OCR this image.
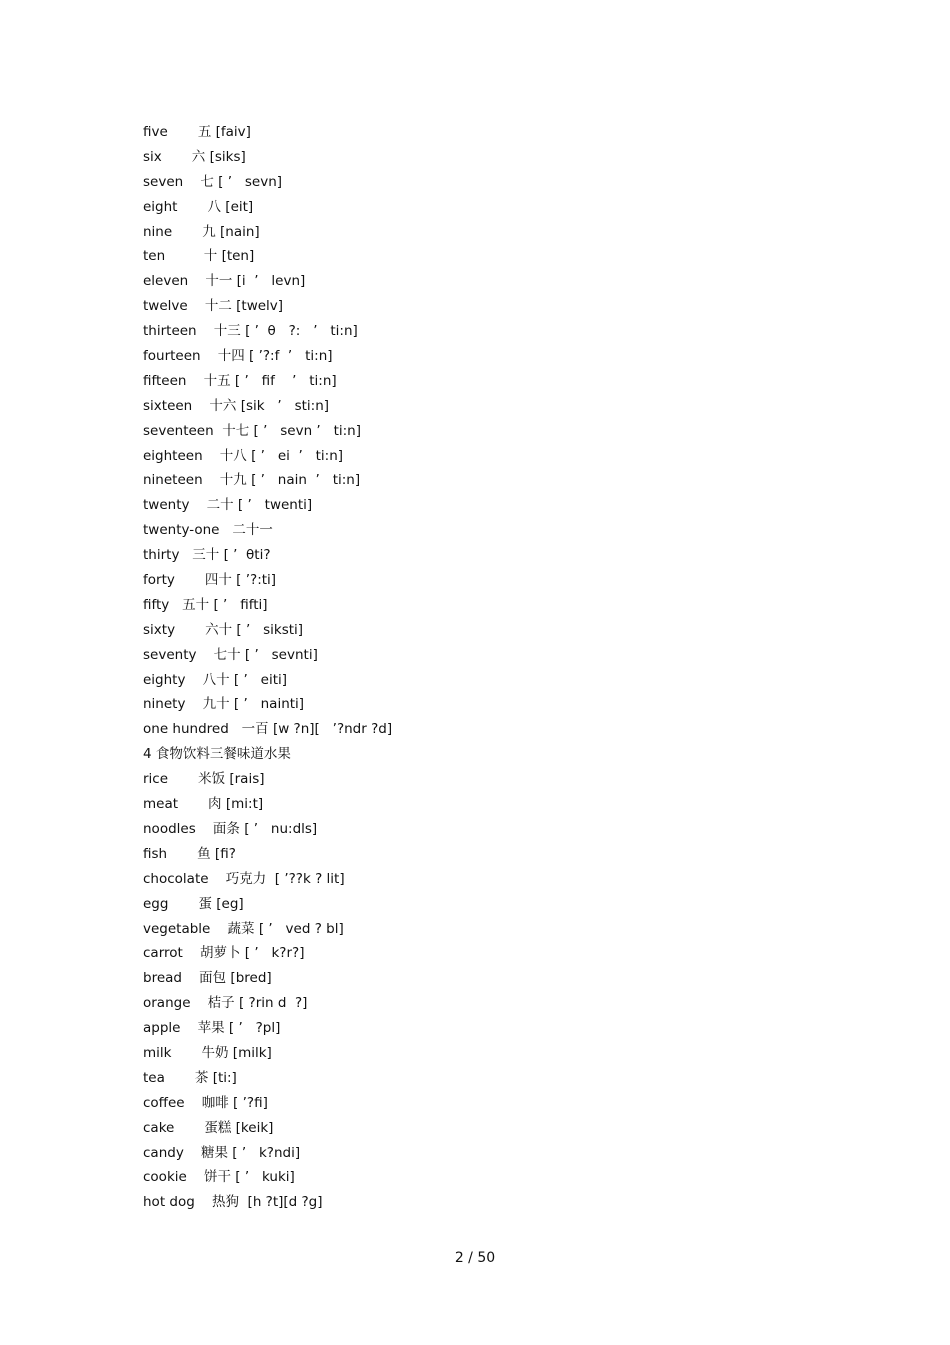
five       五 [faiv]
six       六 [siks]
seven    七 [ ’   sevn]
eight       八 [eit]
nine       九 [nain]
ten         十 [ten]
eleven    十一 [i  ’   levn]
twelve    十二 [twelv]
thirteen    十三 [ ’  θ   ?:   ’   ti:n]
fourteen    十四 [ ’?:f  ’   ti:n]
fifteen    十五 [ ’   fif    ’   ti:n]
sixteen    十六 [sik   ’   sti:n]
seventeen  十七 [ ’   sevn ’   ti:n]
eighteen    十八 [ ’   ei  ’   ti:n]
nineteen    十九 [ ’   nain  ’   ti:n]
twenty    二十 [ ’   twenti]
twenty-one   二十一
thirty   三十 [ ’  θti?
forty       四十 [ ’?:ti]
fifty   五十 [ ’   fifti]
sixty       六十 [ ’   siksti]
seventy    七十 [ ’   sevnti]
eighty    八十 [ ’   eiti]
ninety    九十 [ ’   nainti]
one hundred   一百 [w ?n][   ’?ndr ?d]
4 食物饮料三餐味道水果
rice       米饭 [rais]
meat       肉 [mi:t]
noodles    面条 [ ’   nu:dls]
fish       鱼 [fi?
chocolate    巧克力  [ ’??k ? lit]
egg       蛋 [eg]
vegetable    蔬菜 [ ’   ved ? bl]
carrot    胡萝卜 [ ’   k?r?]
bread    面包 [bred]
orange    桔子 [ ?rin d  ?]
apple    苹果 [ ’   ?pl]
milk       牛奶 [milk]
tea       茶 [ti:]
coffee    咖啡 [ ’?fi]
cake       蛋糕 [keik]
candy    糖果 [ ’   k?ndi]
cookie    饼干 [ ’   kuki]
hot dog    热狗  [h ?t][d ?g]
2 / 50
